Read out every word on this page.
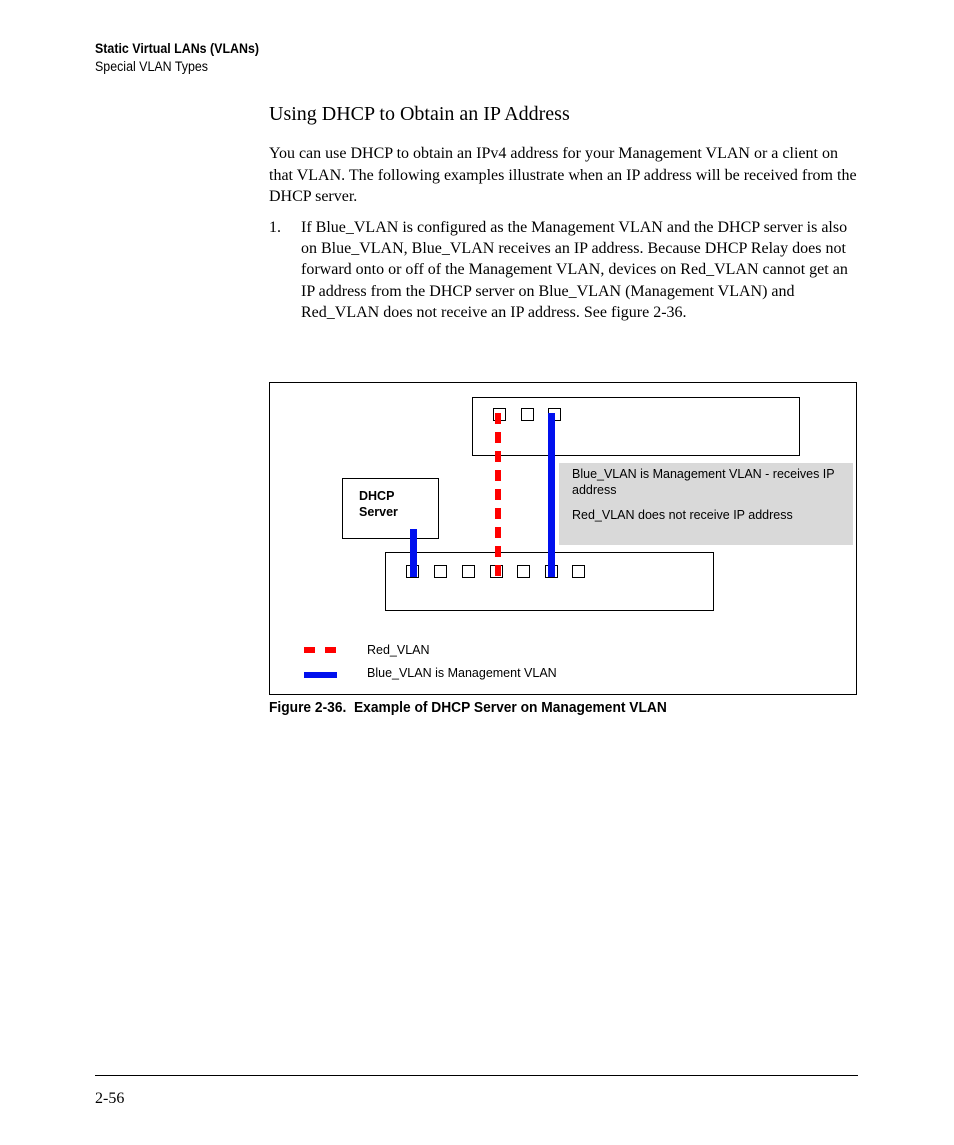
Static Virtual LANs (VLANs)
Special VLAN Types
Using DHCP to Obtain an IP Address

You can use DHCP to obtain an IPv4 address for your Management VLAN or a client on that VLAN. The following examples illustrate when an IP address will be received from the DHCP server.

1. If Blue_VLAN is configured as the Management VLAN and the DHCP server is also on Blue_VLAN, Blue_VLAN receives an IP address. Because DHCP Relay does not forward onto or off of the Management VLAN, devices on Red_VLAN cannot get an IP address from the DHCP server on Blue_VLAN (Management VLAN) and Red_VLAN does not receive an IP address. See figure 2-36.

DHCP
Server

Blue_VLAN is Management VLAN - receives IP address

Red_VLAN does not receive IP address

Red_VLAN
Blue_VLAN is Management VLAN
Figure 2-36.  Example of DHCP Server on Management VLAN
2-56
